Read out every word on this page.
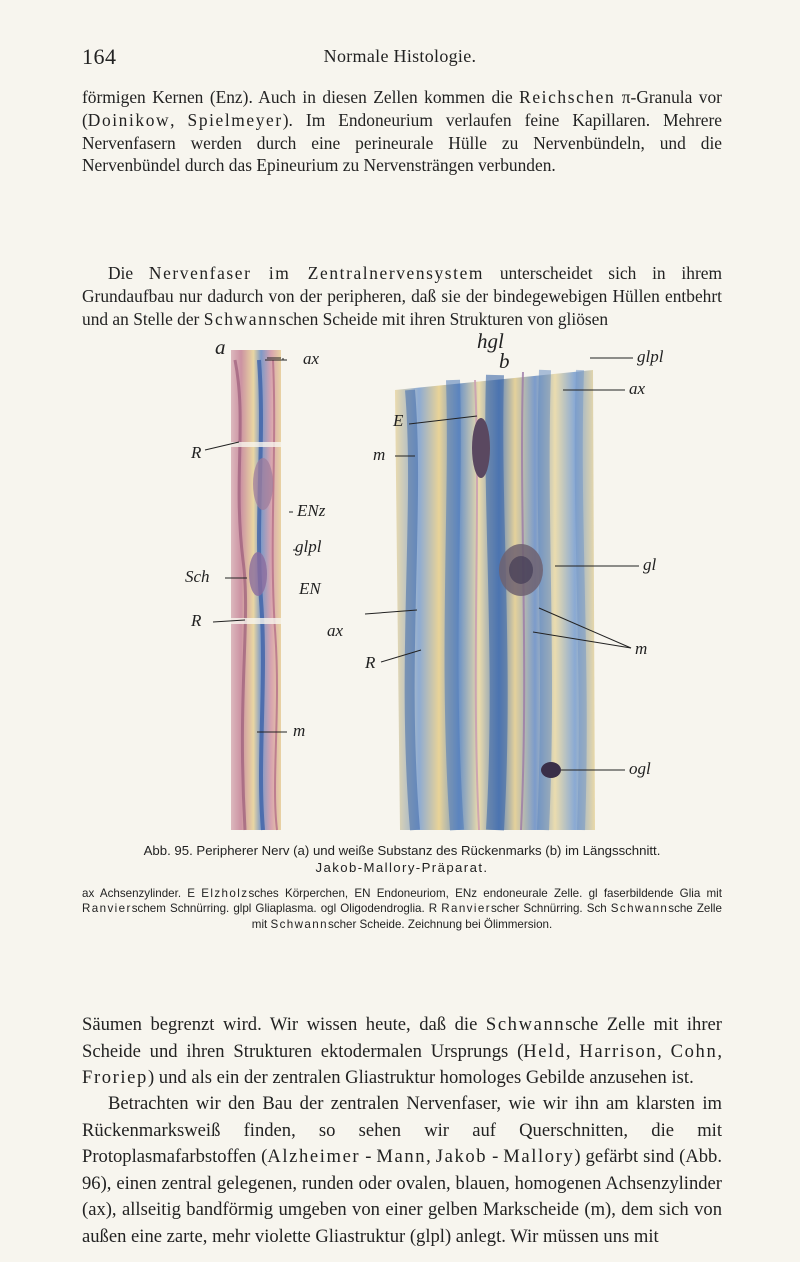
164	Normale Histologie.

förmigen Kernen (Enz). Auch in diesen Zellen kommen die Reichschen π-Granula vor (Doinikow, Spielmeyer). Im Endoneurium verlaufen feine Kapillaren. Mehrere Nervenfasern werden durch eine perineurale Hülle zu Nervenbündeln, und die Nervenbündel durch das Epineurium zu Nervensträngen verbunden.

Die Nervenfaser im Zentralnervensystem unterscheidet sich in ihrem Grundaufbau nur dadurch von der peripheren, daß sie der bindegewebigen Hüllen entbehrt und an Stelle der Schwannschen Scheide mit ihren Strukturen von gliösen

a	hgl
b
ax
E
m
ENz
glpl
EN
ax
R
m
R
Sch
R
glpl
ax
gl
m
ogl

Abb. 95. Peripherer Nerv (a) und weiße Substanz des Rückenmarks (b) im Längsschnitt.
Jakob-Mallory-Präparat.

ax Achsenzylinder. E Elzholzsches Körperchen, EN Endoneuriom, ENz endoneurale Zelle. gl faserbildende Glia mit Ranvierschem Schnürring. glpl Gliaplasma. ogl Oligodendroglia. R Ranvierscher Schnürring. Sch Schwannsche Zelle mit Schwannscher Scheide. Zeichnung bei Ölimmersion.

Säumen begrenzt wird. Wir wissen heute, daß die Schwannsche Zelle mit ihrer Scheide und ihren Strukturen ektodermalen Ursprungs (Held, Harrison, Cohn, Froriep) und als ein der zentralen Gliastruktur homologes Gebilde anzusehen ist.

Betrachten wir den Bau der zentralen Nervenfaser, wie wir ihn am klarsten im Rückenmarksweiß finden, so sehen wir auf Querschnitten, die mit Protoplasmafarbstoffen (Alzheimer - Mann, Jakob - Mallory) gefärbt sind (Abb. 96), einen zentral gelegenen, runden oder ovalen, blauen, homogenen Achsenzylinder (ax), allseitig bandförmig umgeben von einer gelben Markscheide (m), dem sich von außen eine zarte, mehr violette Gliastruktur (glpl) anlegt. Wir müssen uns mit
